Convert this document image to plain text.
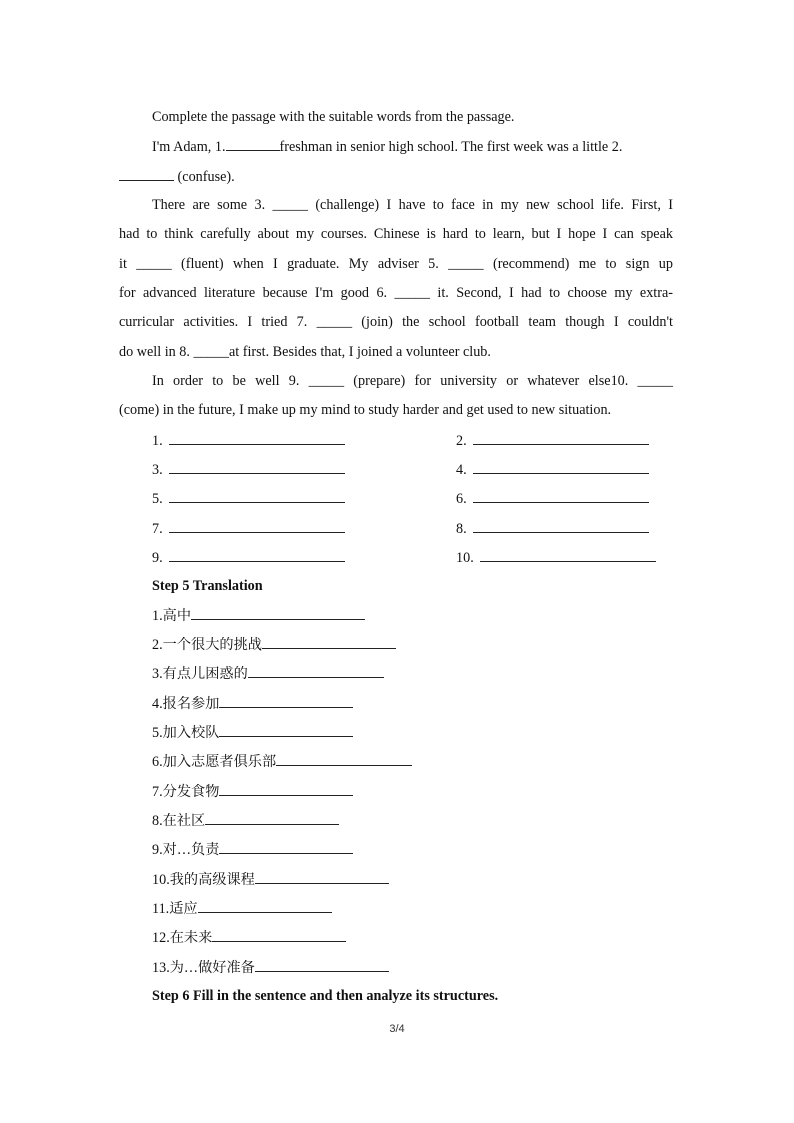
Complete the passage with the suitable words from the passage.
I'm Adam, 1.	freshman in senior high school. The first week was a little 2.
(confuse).
There are some 3. _____ (challenge) I have to face in my new school life. First, I
had to think carefully about my courses. Chinese is hard to learn, but I hope I can speak
it _____ (fluent) when I graduate. My adviser 5. _____ (recommend) me to sign up
for advanced literature because I'm good 6. _____ it. Second, I had to choose my extra-
curricular activities. I tried 7. _____ (join) the school football team though I couldn't
do well in 8. _____at first. Besides that, I joined a volunteer club.
In order to be well 9. _____ (prepare) for university or whatever else10. _____
(come) in the future, I make up my mind to study harder and get used to new situation.
1.	2.
3.	4.
5.	6.
7.	8.
9.	10.
Step 5 Translation
1.高中
2.一个很大的挑战
3.有点儿困惑的
4.报名参加
5.加入校队
6.加入志愿者俱乐部
7.分发食物
8.在社区
9.对…负责
10.我的高级课程
11.适应
12.在未来
13.为…做好准备
Step 6 Fill in the sentence and then analyze its structures.
3/4
